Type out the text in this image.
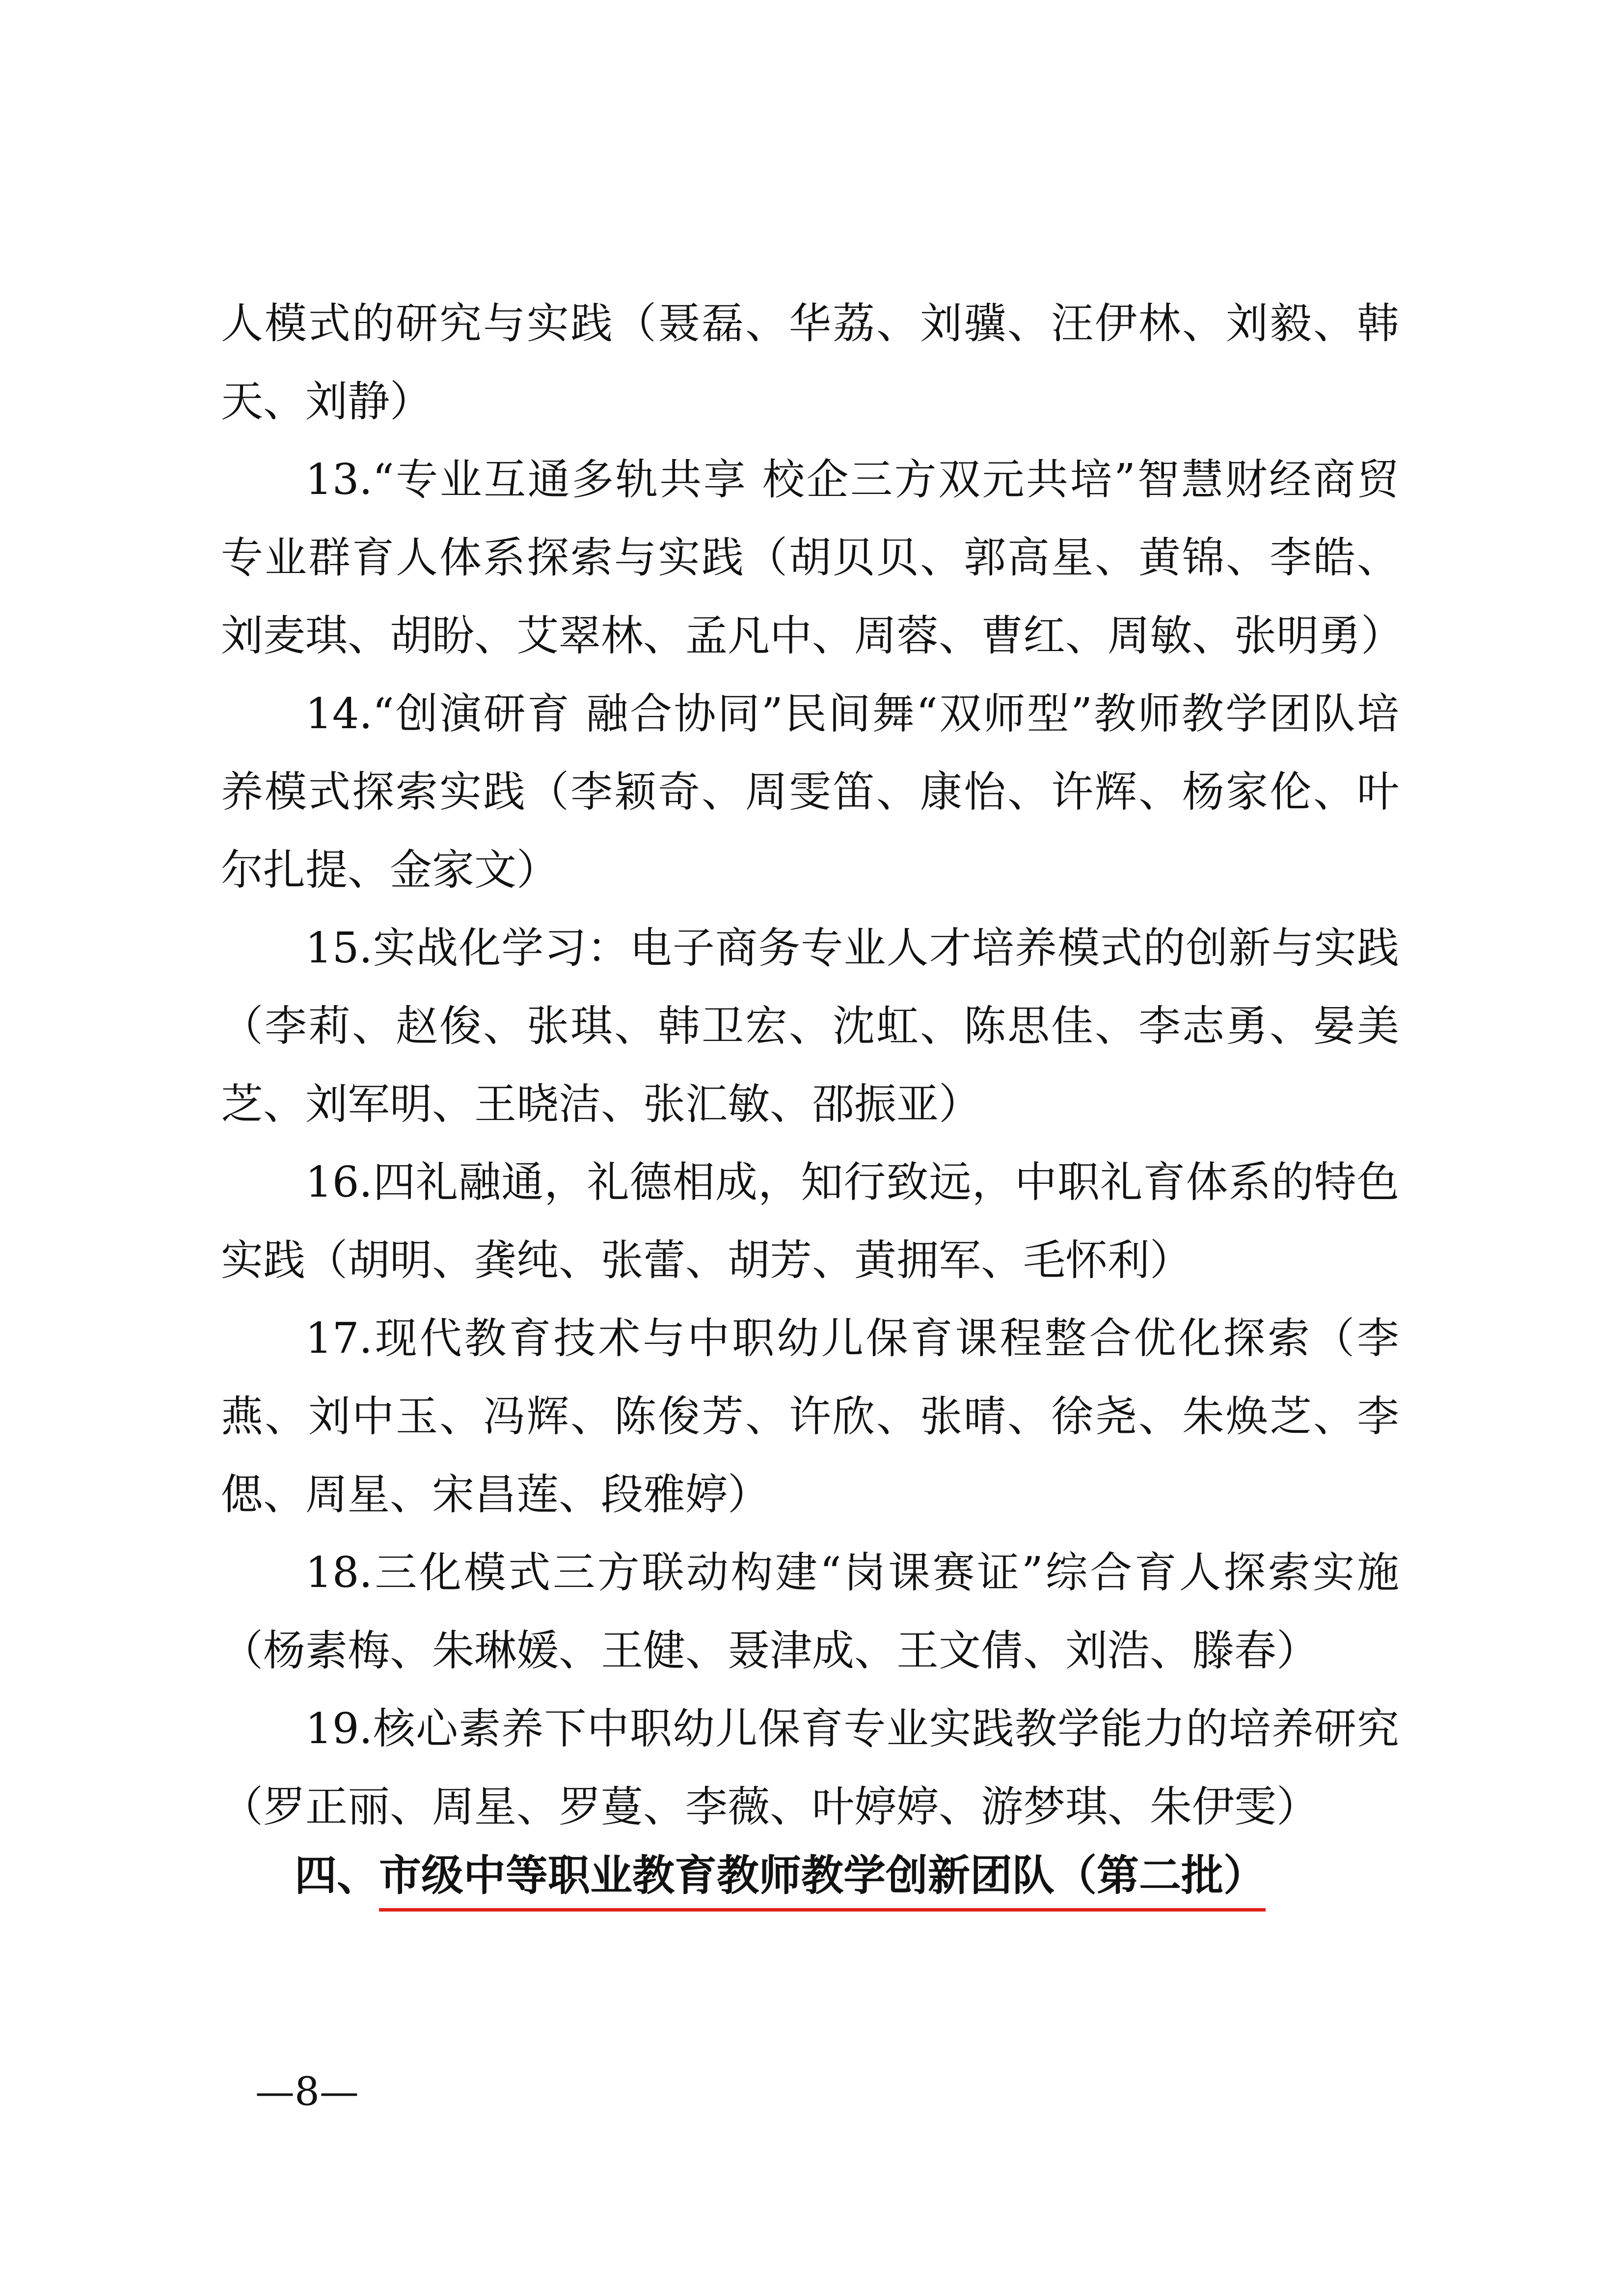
人模式的研究与实践（聂磊、华荔、刘骥、汪伊林、刘毅、韩天、刘静）

13.“专业互通多轨共享 校企三方双元共培”智慧财经商贸专业群育人体系探索与实践（胡贝贝、郭高星、黄锦、李皓、刘麦琪、胡盼、艾翠林、孟凡中、周蓉、曹红、周敏、张明勇）

14.“创演研育 融合协同”民间舞“双师型”教师教学团队培养模式探索实践（李颖奇、周雯笛、康怡、许辉、杨家伦、叶尔扎提、金家文）

15.实战化学习：电子商务专业人才培养模式的创新与实践（李莉、赵俊、张琪、韩卫宏、沈虹、陈思佳、李志勇、晏美芝、刘军明、王晓洁、张汇敏、邵振亚）

16.四礼融通，礼德相成，知行致远，中职礼育体系的特色实践（胡明、龚纯、张蕾、胡芳、黄拥军、毛怀利）

17.现代教育技术与中职幼儿保育课程整合优化探索（李燕、刘中玉、冯辉、陈俊芳、许欣、张晴、徐尧、朱焕芝、李偲、周星、宋昌莲、段雅婷）

18.三化模式三方联动构建“岗课赛证”综合育人探索实施（杨素梅、朱琳媛、王健、聂津成、王文倩、刘浩、滕春）

19.核心素养下中职幼儿保育专业实践教学能力的培养研究（罗正丽、周星、罗蔓、李薇、叶婷婷、游梦琪、朱伊雯）

四、市级中等职业教育教师教学创新团队（第二批）
—8—
